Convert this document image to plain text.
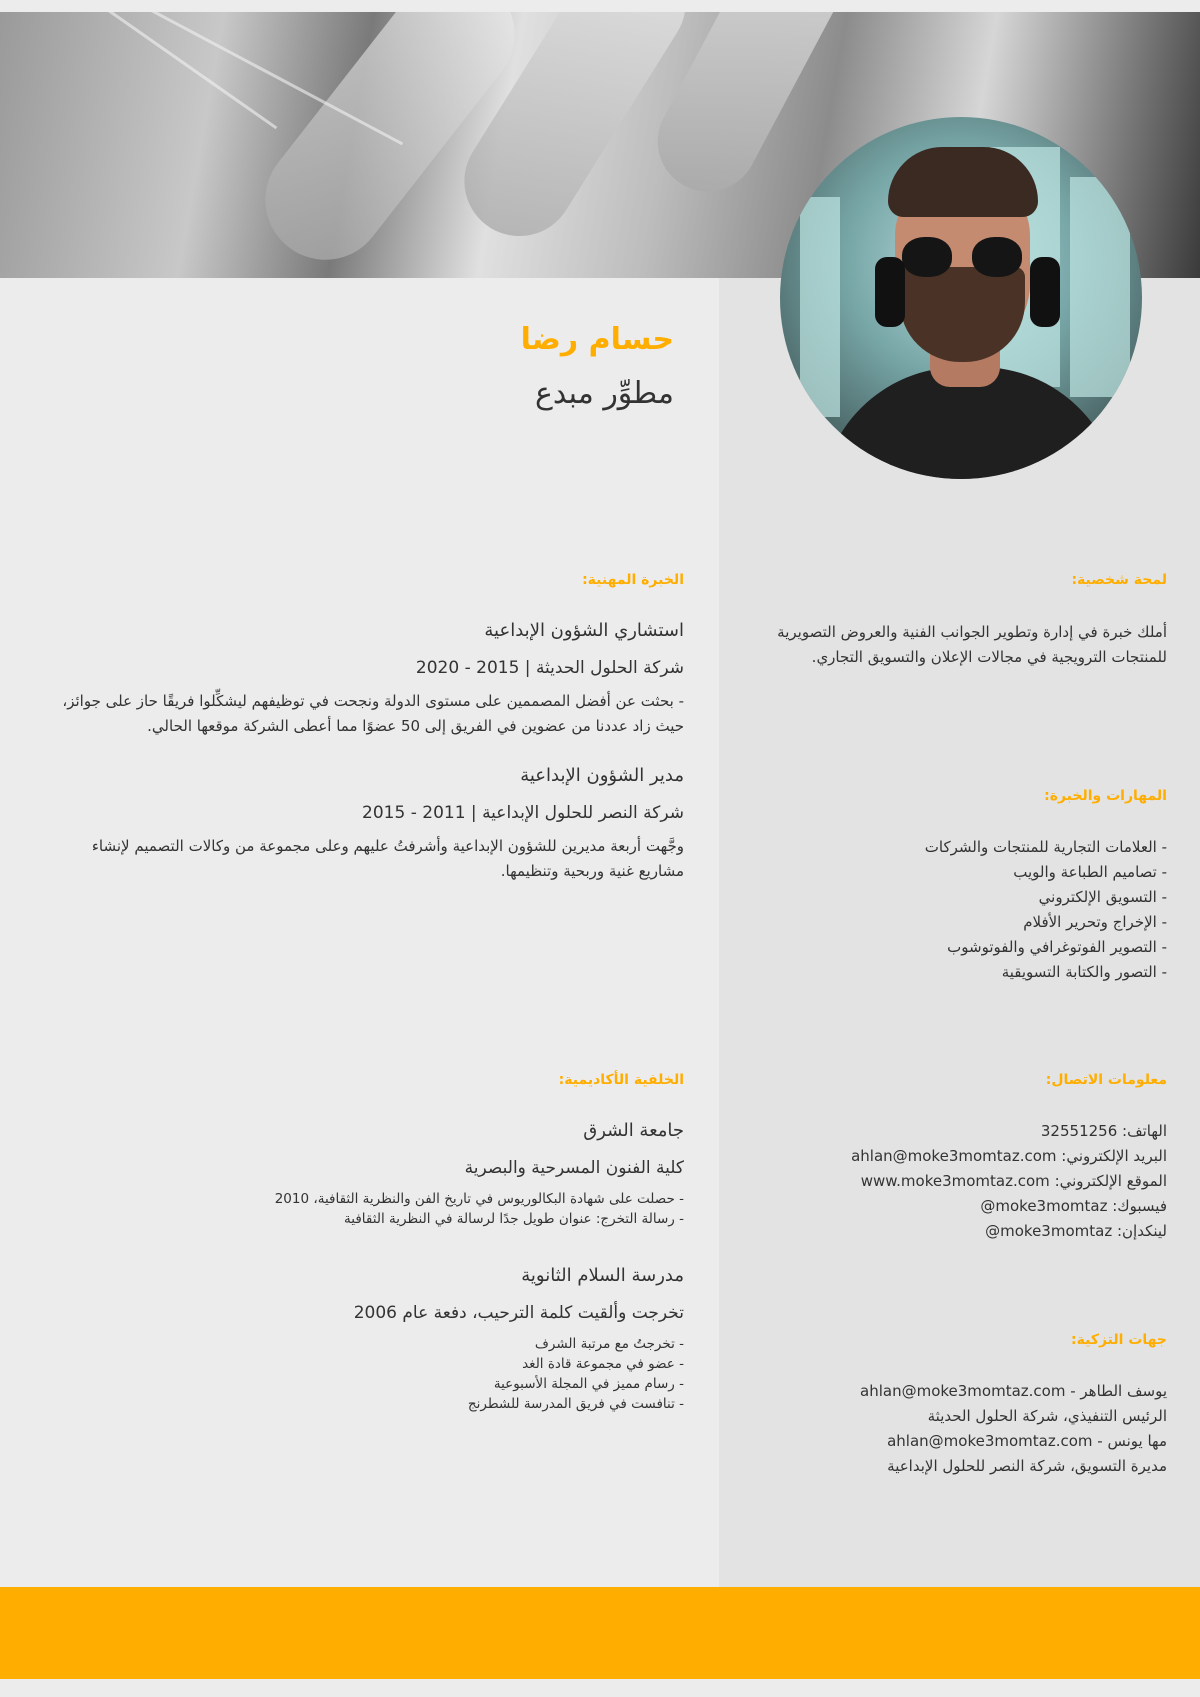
حسام رضا
مطوِّر مبدع
لمحة شخصية:
أملك خبرة في إدارة وتطوير الجوانب الفنية والعروض التصويرية للمنتجات الترويجية في مجالات الإعلان والتسويق التجاري.
المهارات والخبرة:
- العلامات التجارية للمنتجات والشركات
- تصاميم الطباعة والويب
- التسويق الإلكتروني
- الإخراج وتحرير الأفلام
- التصوير الفوتوغرافي والفوتوشوب
- التصور والكتابة التسويقية
معلومات الاتصال:
الهاتف: 32551256
البريد الإلكتروني: ahlan@moke3momtaz.com
الموقع الإلكتروني: www.moke3momtaz.com
فيسبوك: moke3momtaz@
لينكدإن: moke3momtaz@
جهات التزكية:
يوسف الطاهر - ahlan@moke3momtaz.com
الرئيس التنفيذي، شركة الحلول الحديثة
مها يونس - ahlan@moke3momtaz.com
مديرة التسويق، شركة النصر للحلول الإبداعية
الخبرة المهنية:
استشاري الشؤون الإبداعية
شركة الحلول الحديثة | 2015 - 2020
- بحثت عن أفضل المصممين على مستوى الدولة ونجحت في توظيفهم ليشكِّلوا فريقًا حاز على جوائز، حيث زاد عددنا من عضوين في الفريق إلى 50 عضوًا مما أعطى الشركة موقعها الحالي.
مدير الشؤون الإبداعية
شركة النصر للحلول الإبداعية | 2011 - 2015
وجَّهت أربعة مديرين للشؤون الإبداعية وأشرفتُ عليهم وعلى مجموعة من وكالات التصميم لإنشاء مشاريع غنية وربحية وتنظيمها.
الخلفية الأكاديمية:
جامعة الشرق
كلية الفنون المسرحية والبصرية
- حصلت على شهادة البكالوريوس في تاريخ الفن والنظرية الثقافية، 2010
- رسالة التخرج: عنوان طويل جدًا لرسالة في النظرية الثقافية
مدرسة السلام الثانوية
تخرجت وألقيت كلمة الترحيب، دفعة عام 2006
- تخرجتُ مع مرتبة الشرف
- عضو في مجموعة قادة الغد
- رسام مميز في المجلة الأسبوعية
- تنافست في فريق المدرسة للشطرنج
